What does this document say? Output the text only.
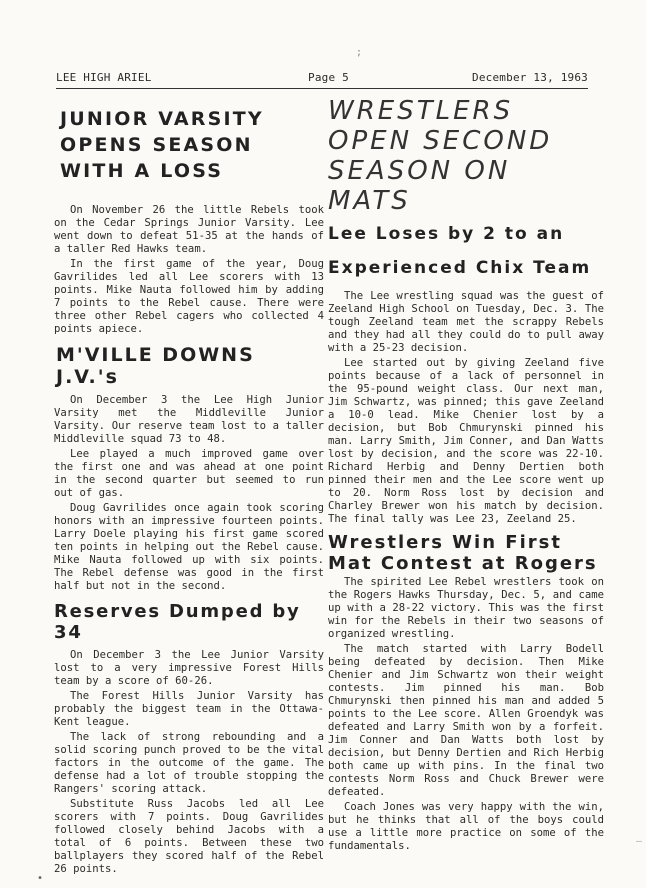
;
LEE HIGH ARIEL	Page 5	December 13, 1963
JUNIOR VARSITY OPENS SEASON WITH A LOSS

On November 26 the little Rebels took on the Cedar Springs Junior Varsity. Lee went down to defeat 51-35 at the hands of a taller Red Hawks team.

In the first game of the year, Doug Gavrilides led all Lee scorers with 13 points. Mike Nauta followed him by adding 7 points to the Rebel cause. There were three other Rebel cagers who collected 4 points apiece.

M'VILLE DOWNS J.V.'s

On December 3 the Lee High Junior Varsity met the Middleville Junior Varsity. Our reserve team lost to a taller Middleville squad 73 to 48.

Lee played a much improved game over the first one and was ahead at one point in the second quarter but seemed to run out of gas.

Doug Gavrilides once again took scoring honors with an impressive fourteen points. Larry Doele playing his first game scored ten points in helping out the Rebel cause. Mike Nauta followed up with six points. The Rebel defense was good in the first half but not in the second.

Reserves Dumped by 34

On December 3 the Lee Junior Varsity lost to a very impressive Forest Hills team by a score of 60-26.

The Forest Hills Junior Varsity has probably the biggest team in the Ottawa-Kent league.

The lack of strong rebounding and a solid scoring punch proved to be the vital factors in the outcome of the game. The defense had a lot of trouble stopping the Rangers' scoring attack.

Substitute Russ Jacobs led all Lee scorers with 7 points. Doug Gavrilides followed closely behind Jacobs with a total of 6 points. Between these two ballplayers they scored half of the Rebel 26 points.

WRESTLERS OPEN SECOND SEASON ON MATS
Lee Loses by 2 to an
Experienced Chix Team

The Lee wrestling squad was the guest of Zeeland High School on Tuesday, Dec. 3. The tough Zeeland team met the scrappy Rebels and they had all they could do to pull away with a 25-23 decision.

Lee started out by giving Zeeland five points because of a lack of personnel in the 95-pound weight class. Our next man, Jim Schwartz, was pinned; this gave Zeeland a 10-0 lead. Mike Chenier lost by a decision, but Bob Chmurynski pinned his man. Larry Smith, Jim Conner, and Dan Watts lost by decision, and the score was 22-10. Richard Herbig and Denny Dertien both pinned their men and the Lee score went up to 20. Norm Ross lost by decision and Charley Brewer won his match by decision. The final tally was Lee 23, Zeeland 25.

Wrestlers Win First Mat Contest at Rogers

The spirited Lee Rebel wrestlers took on the Rogers Hawks Thursday, Dec. 5, and came up with a 28-22 victory. This was the first win for the Rebels in their two seasons of organized wrestling.

The match started with Larry Bodell being defeated by decision. Then Mike Chenier and Jim Schwartz won their weight contests. Jim pinned his man. Bob Chmurynski then pinned his man and added 5 points to the Lee score. Allen Groendyk was defeated and Larry Smith won by a forfeit. Jim Conner and Dan Watts both lost by decision, but Denny Dertien and Rich Herbig both came up with pins. In the final two contests Norm Ross and Chuck Brewer were defeated.

Coach Jones was very happy with the win, but he thinks that all of the boys could use a little more practice on some of the fundamentals.	—
•
